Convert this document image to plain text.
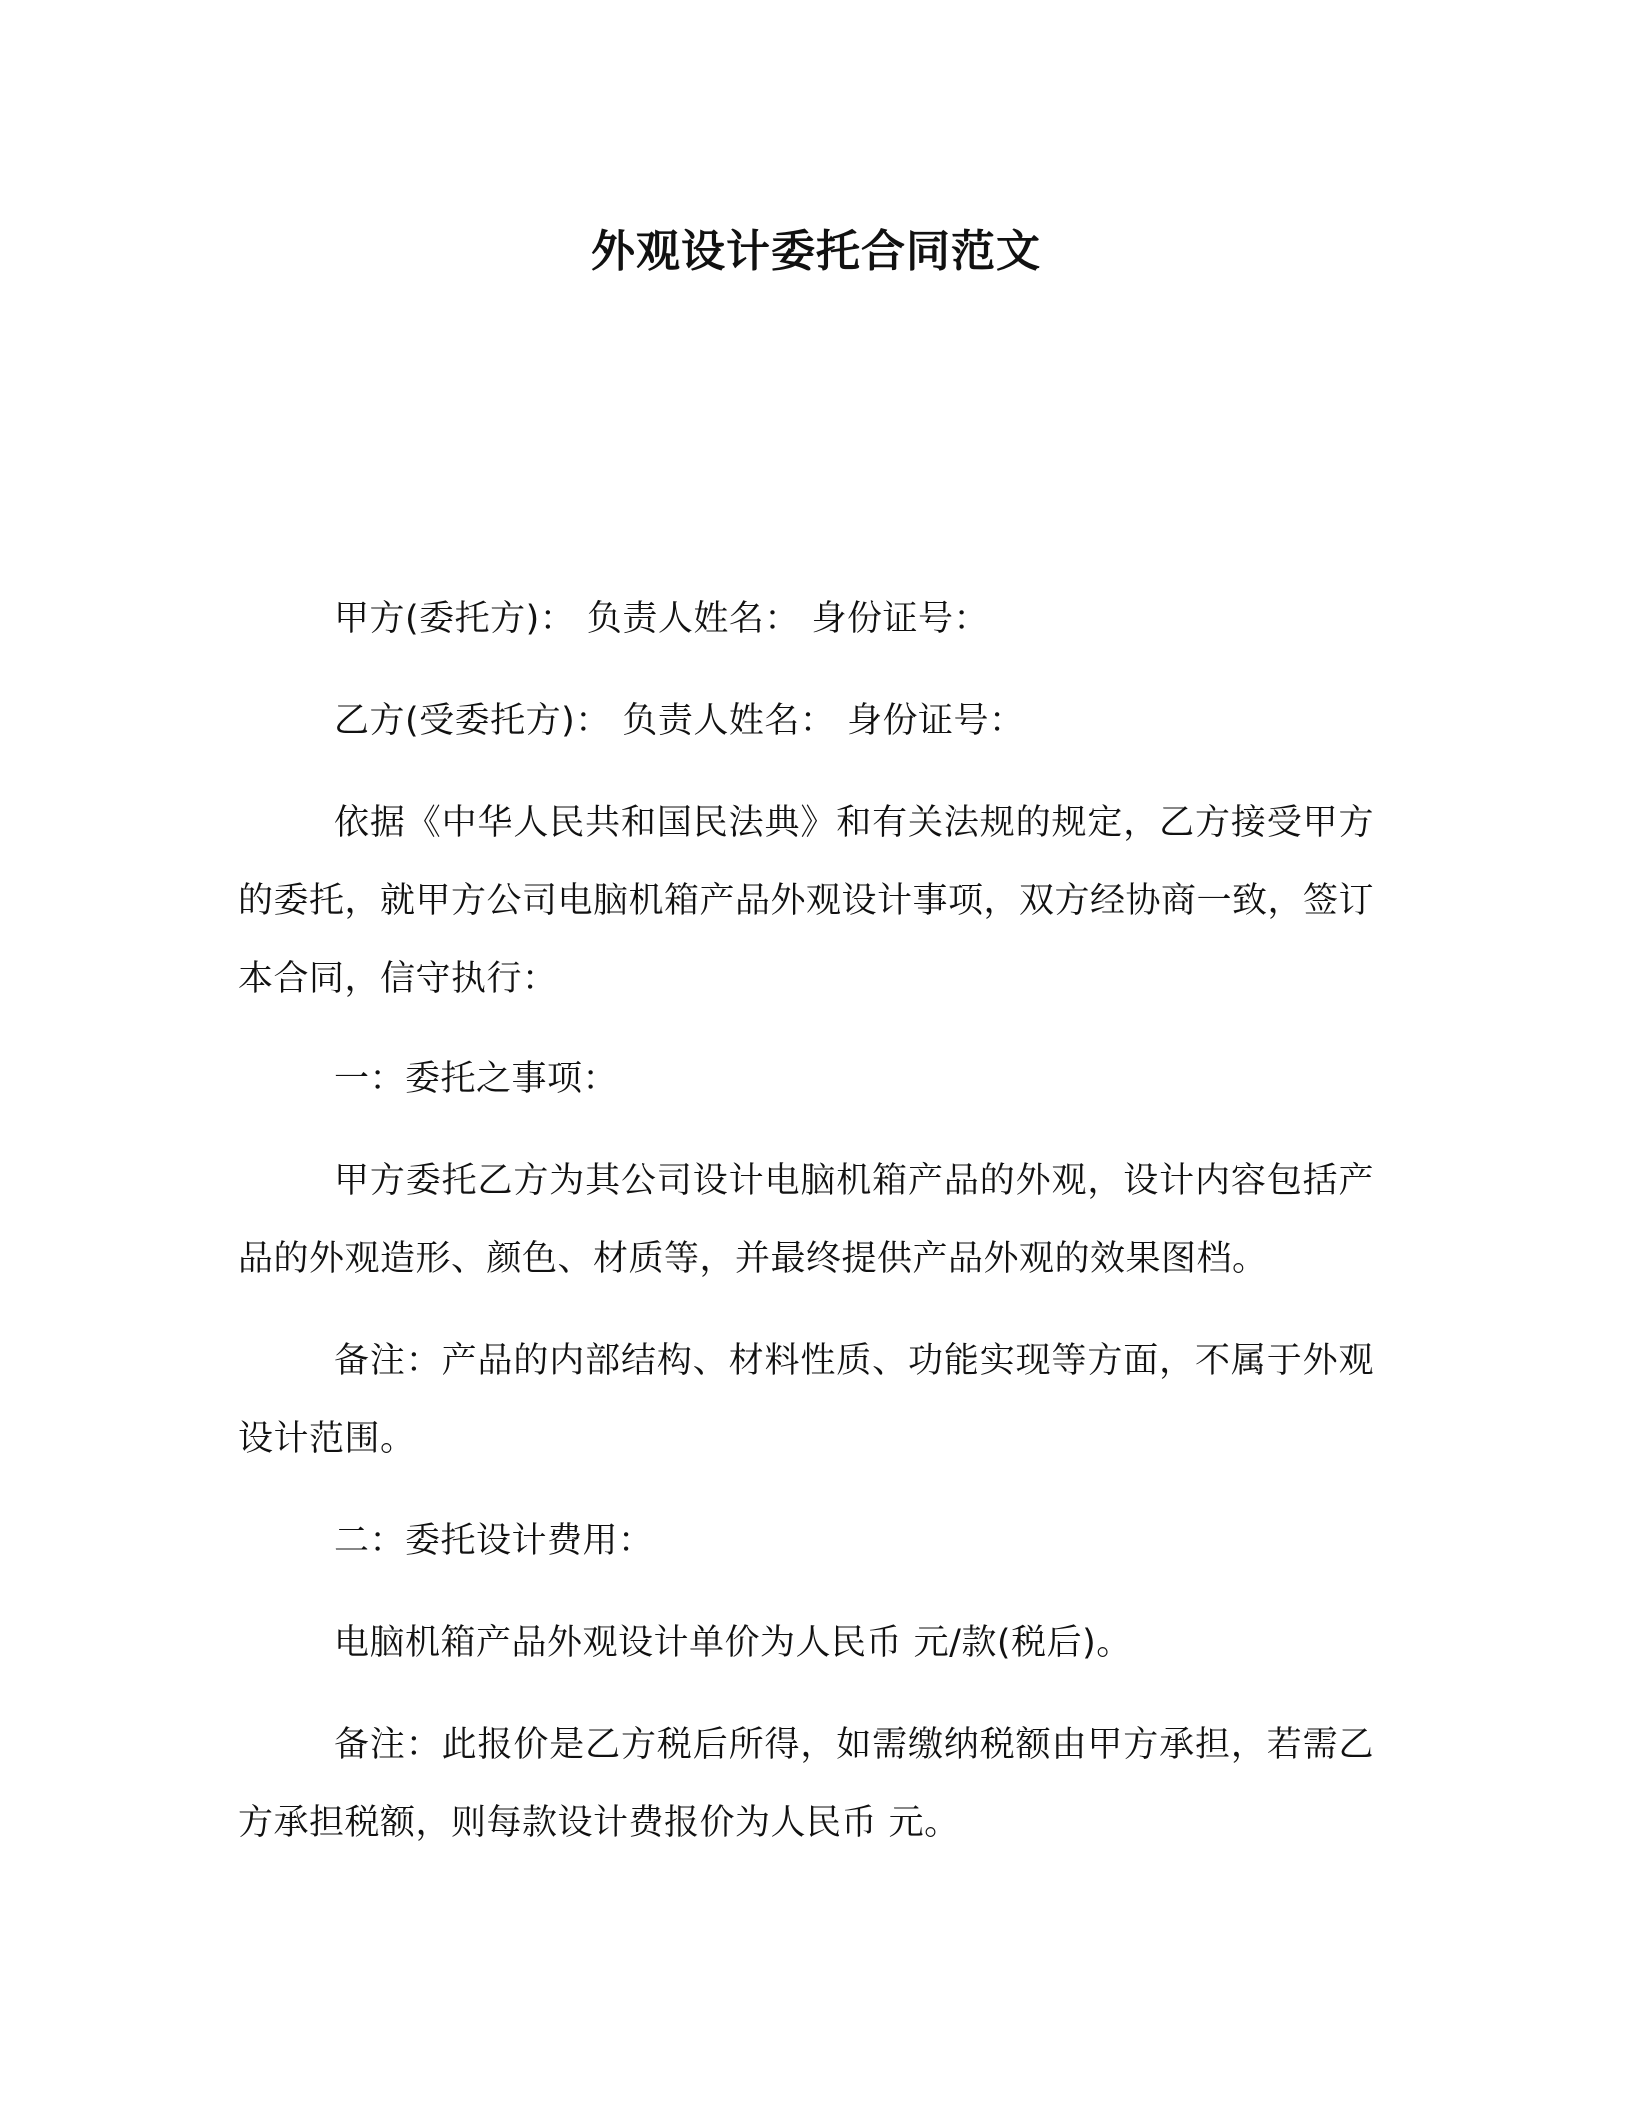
外观设计委托合同范文

甲方(委托方)： 负责人姓名： 身份证号：

乙方(受委托方)： 负责人姓名： 身份证号：

依据《中华人民共和国民法典》和有关法规的规定，乙方接受甲方的委托，就甲方公司电脑机箱产品外观设计事项，双方经协商一致，签订本合同，信守执行：

一：委托之事项：

甲方委托乙方为其公司设计电脑机箱产品的外观，设计内容包括产品的外观造形、颜色、材质等，并最终提供产品外观的效果图档。

备注：产品的内部结构、材料性质、功能实现等方面，不属于外观设计范围。

二：委托设计费用：

电脑机箱产品外观设计单价为人民币 元/款(税后)。

备注：此报价是乙方税后所得，如需缴纳税额由甲方承担，若需乙方承担税额，则每款设计费报价为人民币 元。
